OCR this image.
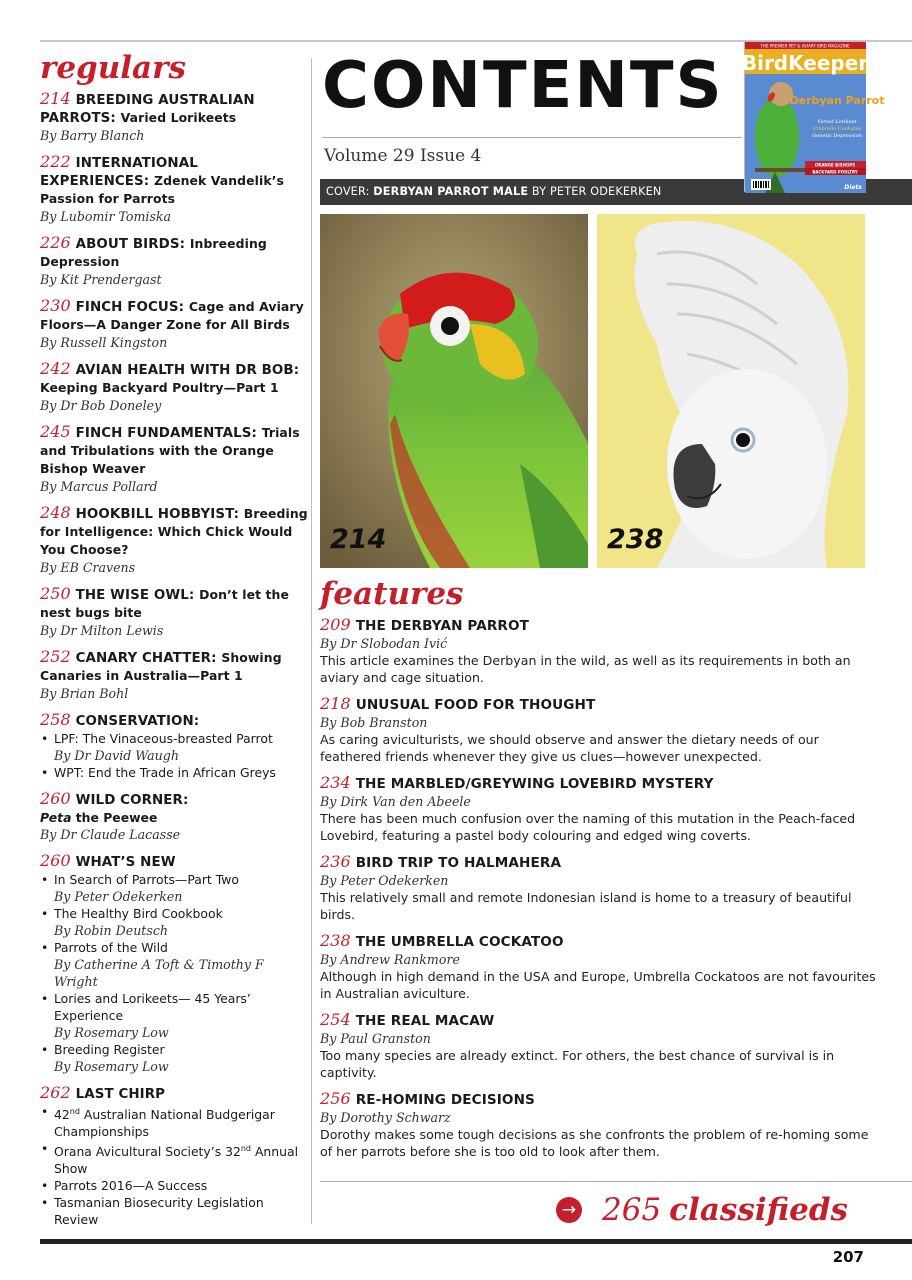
regulars
214 BREEDING AUSTRALIAN PARROTS: Varied Lorikeets
By Barry Blanch
222 INTERNATIONAL EXPERIENCES: Zdenek Vandelik’s Passion for Parrots
By Lubomir Tomiska
226 ABOUT BIRDS: Inbreeding Depression
By Kit Prendergast
230 FINCH FOCUS: Cage and Aviary Floors—A Danger Zone for All Birds
By Russell Kingston
242 AVIAN HEALTH WITH DR BOB: Keeping Backyard Poultry—Part 1
By Dr Bob Doneley
245 FINCH FUNDAMENTALS: Trials and Tribulations with the Orange Bishop Weaver
By Marcus Pollard
248 HOOKBILL HOBBYIST: Breeding for Intelligence: Which Chick Would You Choose?
By EB Cravens
250 THE WISE OWL: Don’t let the nest bugs bite
By Dr Milton Lewis
252 CANARY CHATTER: Showing Canaries in Australia—Part 1
By Brian Bohl
258 CONSERVATION:
• LPF: The Vinaceous-breasted Parrot
By Dr David Waugh
• WPT: End the Trade in African Greys
260 WILD CORNER:
Peta the Peewee
By Dr Claude Lacasse
260 WHAT’S NEW
• In Search of Parrots—Part Two
By Peter Odekerken
• The Healthy Bird Cookbook
By Robin Deutsch
• Parrots of the Wild
By Catherine A Toft & Timothy F Wright
• Lories and Lorikeets— 45 Years’ Experience
By Rosemary Low
• Breeding Register
By Rosemary Low
262 LAST CHIRP
• 42nd Australian National Budgerigar Championships
• Orana Avicultural Society’s 32nd Annual Show
• Parrots 2016—A Success
• Tasmanian Biosecurity Legislation Review
CONTENTS
Volume 29 Issue 4
COVER: DERBYAN PARROT MALE BY PETER ODEKERKEN
THE PREMIER PET & AVIARY BIRD MAGAZINE
BirdKeeper
Derbyan Parrot
Varied Lorikeet
Umbrella Cockatoo
Genetic Depression
ORANGE BISHOPS
BACKYARD POULTRY
Diets
214	238
features
209 THE DERBYAN PARROT
By Dr Slobodan Ivić
This article examines the Derbyan in the wild, as well as its requirements in both an aviary and cage situation.
218 UNUSUAL FOOD FOR THOUGHT
By Bob Branston
As caring aviculturists, we should observe and answer the dietary needs of our feathered friends whenever they give us clues—however unexpected.
234 THE MARBLED/GREYWING LOVEBIRD MYSTERY
By Dirk Van den Abeele
There has been much confusion over the naming of this mutation in the Peach-faced Lovebird, featuring a pastel body colouring and edged wing coverts.
236 BIRD TRIP TO HALMAHERA
By Peter Odekerken
This relatively small and remote Indonesian island is home to a treasury of beautiful birds.
238 THE UMBRELLA COCKATOO
By Andrew Rankmore
Although in high demand in the USA and Europe, Umbrella Cockatoos are not favourites in Australian aviculture.
254 THE REAL MACAW
By Paul Granston
Too many species are already extinct. For others, the best chance of survival is in captivity.
256 RE-HOMING DECISIONS
By Dorothy Schwarz
Dorothy makes some tough decisions as she confronts the problem of re-homing some of her parrots before she is too old to look after them.
→ 265 classifieds
207
